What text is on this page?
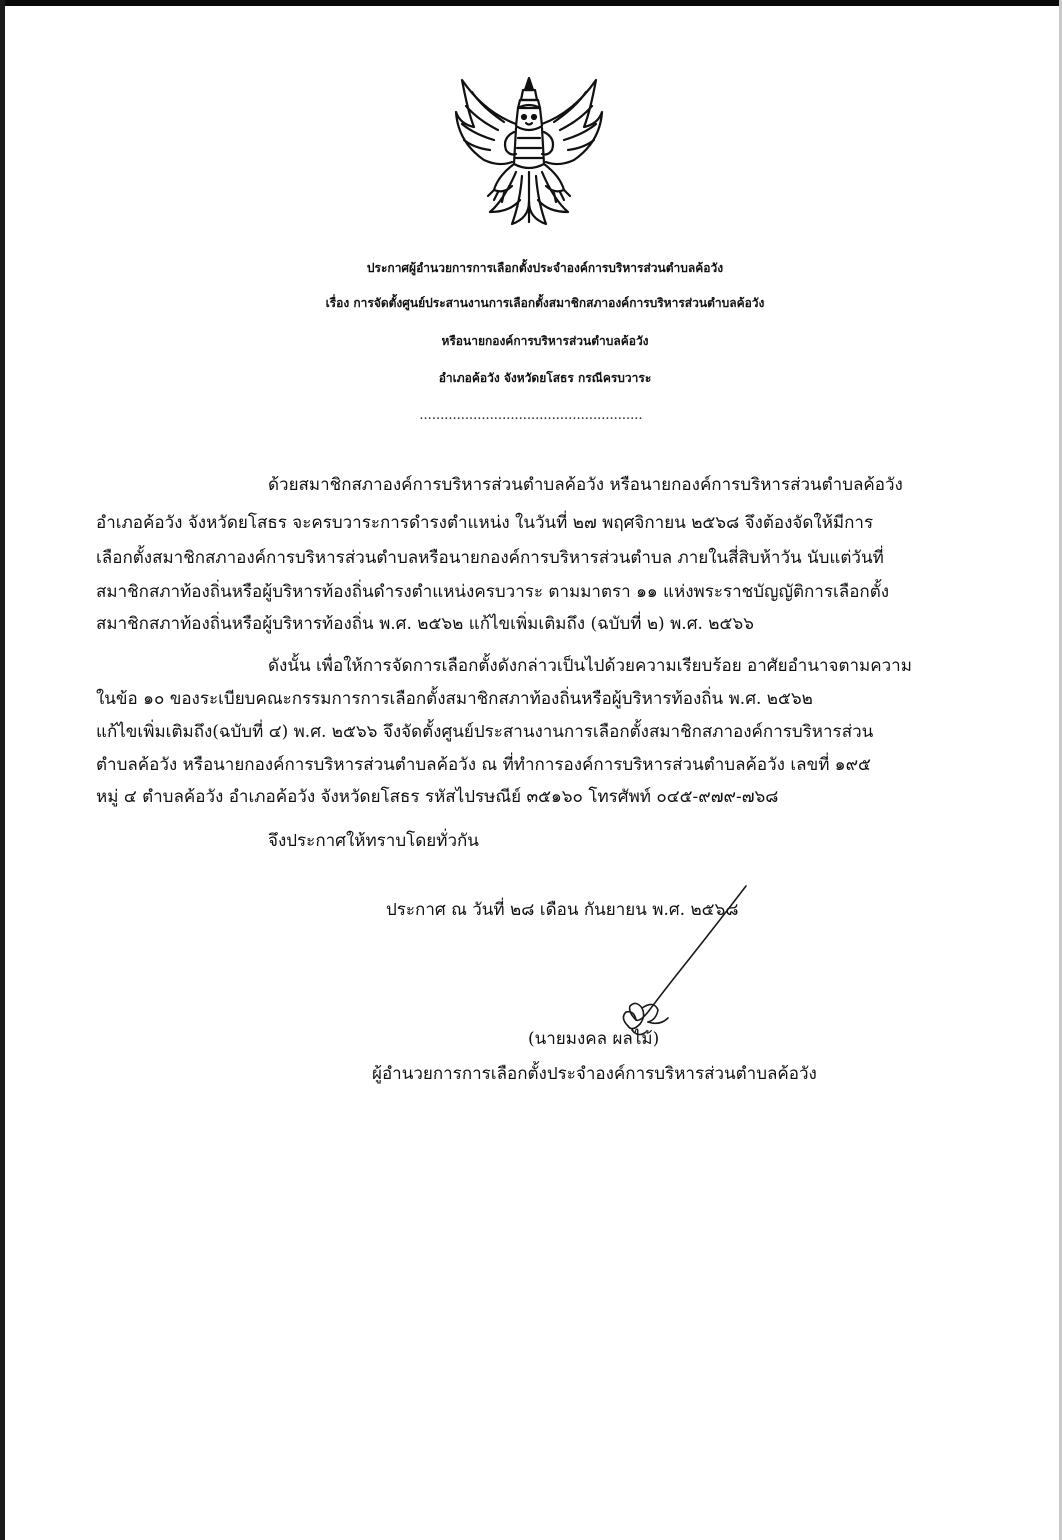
ประกาศผู้อำนวยการการเลือกตั้งประจำองค์การบริหารส่วนตำบลค้อวัง
เรื่อง การจัดตั้งศูนย์ประสานงานการเลือกตั้งสมาชิกสภาองค์การบริหารส่วนตำบลค้อวัง
หรือนายกองค์การบริหารส่วนตำบลค้อวัง
อำเภอค้อวัง จังหวัดยโสธร กรณีครบวาระ
......................................................
ด้วยสมาชิกสภาองค์การบริหารส่วนตำบลค้อวัง หรือนายกองค์การบริหารส่วนตำบลค้อวัง
อำเภอค้อวัง จังหวัดยโสธร จะครบวาระการดำรงตำแหน่ง ในวันที่ ๒๗ พฤศจิกายน ๒๕๖๘ จึงต้องจัดให้มีการ
เลือกตั้งสมาชิกสภาองค์การบริหารส่วนตำบลหรือนายกองค์การบริหารส่วนตำบล ภายในสี่สิบห้าวัน นับแต่วันที่
สมาชิกสภาท้องถิ่นหรือผู้บริหารท้องถิ่นดำรงตำแหน่งครบวาระ ตามมาตรา ๑๑ แห่งพระราชบัญญัติการเลือกตั้ง
สมาชิกสภาท้องถิ่นหรือผู้บริหารท้องถิ่น พ.ศ. ๒๕๖๒ แก้ไขเพิ่มเติมถึง (ฉบับที่ ๒) พ.ศ. ๒๕๖๖
ดังนั้น เพื่อให้การจัดการเลือกตั้งดังกล่าวเป็นไปด้วยความเรียบร้อย อาศัยอำนาจตามความ
ในข้อ ๑๐ ของระเบียบคณะกรรมการการเลือกตั้งสมาชิกสภาท้องถิ่นหรือผู้บริหารท้องถิ่น พ.ศ. ๒๕๖๒
แก้ไขเพิ่มเติมถึง(ฉบับที่ ๔) พ.ศ. ๒๕๖๖ จึงจัดตั้งศูนย์ประสานงานการเลือกตั้งสมาชิกสภาองค์การบริหารส่วน
ตำบลค้อวัง หรือนายกองค์การบริหารส่วนตำบลค้อวัง ณ ที่ทำการองค์การบริหารส่วนตำบลค้อวัง เลขที่ ๑๙๕
หมู่ ๔ ตำบลค้อวัง อำเภอค้อวัง จังหวัดยโสธร รหัสไปรษณีย์ ๓๕๑๖๐ โทรศัพท์ ๐๔๕-๙๗๙-๗๖๘
จึงประกาศให้ทราบโดยทั่วกัน
ประกาศ ณ วันที่ ๒๘ เดือน กันยายน พ.ศ. ๒๕๖๘
(นายมงคล ผลไม้)
ผู้อำนวยการการเลือกตั้งประจำองค์การบริหารส่วนตำบลค้อวัง
